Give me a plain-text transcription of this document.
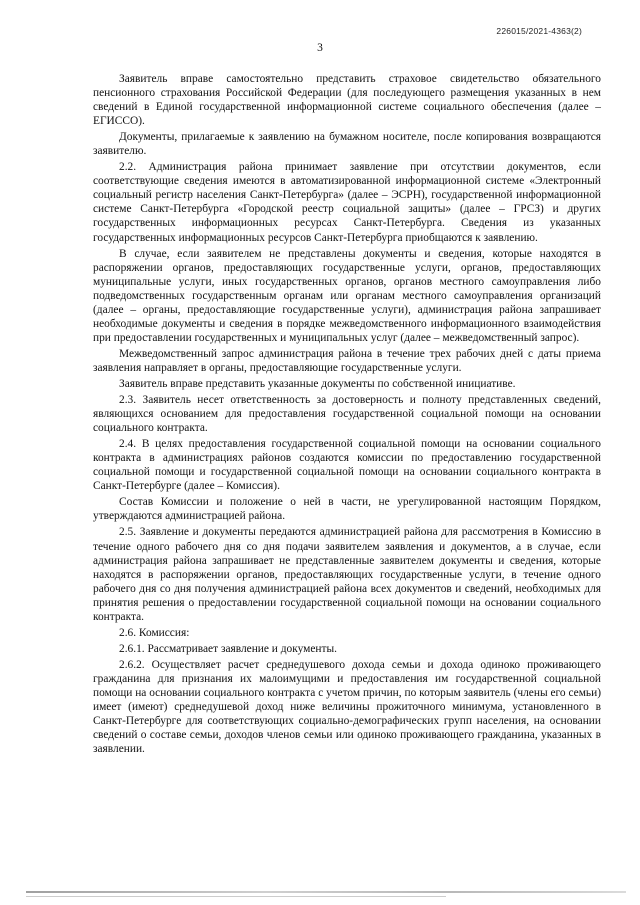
226015/2021-4363(2)
3

Заявитель вправе самостоятельно представить страховое свидетельство обязательного пенсионного страхования Российской Федерации (для последующего размещения указанных в нем сведений в Единой государственной информационной системе социального обеспечения (далее – ЕГИССО).

Документы, прилагаемые к заявлению на бумажном носителе, после копирования возвращаются заявителю.

2.2. Администрация района принимает заявление при отсутствии документов, если соответствующие сведения имеются в автоматизированной информационной системе «Электронный социальный регистр населения Санкт-Петербурга» (далее – ЭСРН), государственной информационной системе Санкт-Петербурга «Городской реестр социальной защиты» (далее – ГРСЗ) и других государственных информационных ресурсах Санкт-Петербурга. Сведения из указанных государственных информационных ресурсов Санкт-Петербурга приобщаются к заявлению.

В случае, если заявителем не представлены документы и сведения, которые находятся в распоряжении органов, предоставляющих государственные услуги, органов, предоставляющих муниципальные услуги, иных государственных органов, органов местного самоуправления либо подведомственных государственным органам или органам местного самоуправления организаций (далее – органы, предоставляющие государственные услуги), администрация района запрашивает необходимые документы и сведения в порядке межведомственного информационного взаимодействия при предоставлении государственных и муниципальных услуг (далее – межведомственный запрос).

Межведомственный запрос администрация района в течение трех рабочих дней с даты приема заявления направляет в органы, предоставляющие государственные услуги.

Заявитель вправе представить указанные документы по собственной инициативе.

2.3. Заявитель несет ответственность за достоверность и полноту представленных сведений, являющихся основанием для предоставления государственной социальной помощи на основании социального контракта.

2.4. В целях предоставления государственной социальной помощи на основании социального контракта в администрациях районов создаются комиссии по предоставлению государственной социальной помощи и государственной социальной помощи на основании социального контракта в Санкт-Петербурге (далее – Комиссия).

Состав Комиссии и положение о ней в части, не урегулированной настоящим Порядком, утверждаются администрацией района.

2.5. Заявление и документы передаются администрацией района для рассмотрения в Комиссию в течение одного рабочего дня со дня подачи заявителем заявления и документов, а в случае, если администрация района запрашивает не представленные заявителем документы и сведения, которые находятся в распоряжении органов, предоставляющих государственные услуги, в течение одного рабочего дня со дня получения администрацией района всех документов и сведений, необходимых для принятия решения о предоставлении государственной социальной помощи на основании социального контракта.

2.6. Комиссия:

2.6.1. Рассматривает заявление и документы.

2.6.2. Осуществляет расчет среднедушевого дохода семьи и дохода одиноко проживающего гражданина для признания их малоимущими и предоставления им государственной социальной помощи на основании социального контракта с учетом причин, по которым заявитель (члены его семьи) имеет (имеют) среднедушевой доход ниже величины прожиточного минимума, установленного в Санкт-Петербурге для соответствующих социально-демографических групп населения, на основании сведений о составе семьи, доходов членов семьи или одиноко проживающего гражданина, указанных в заявлении.
